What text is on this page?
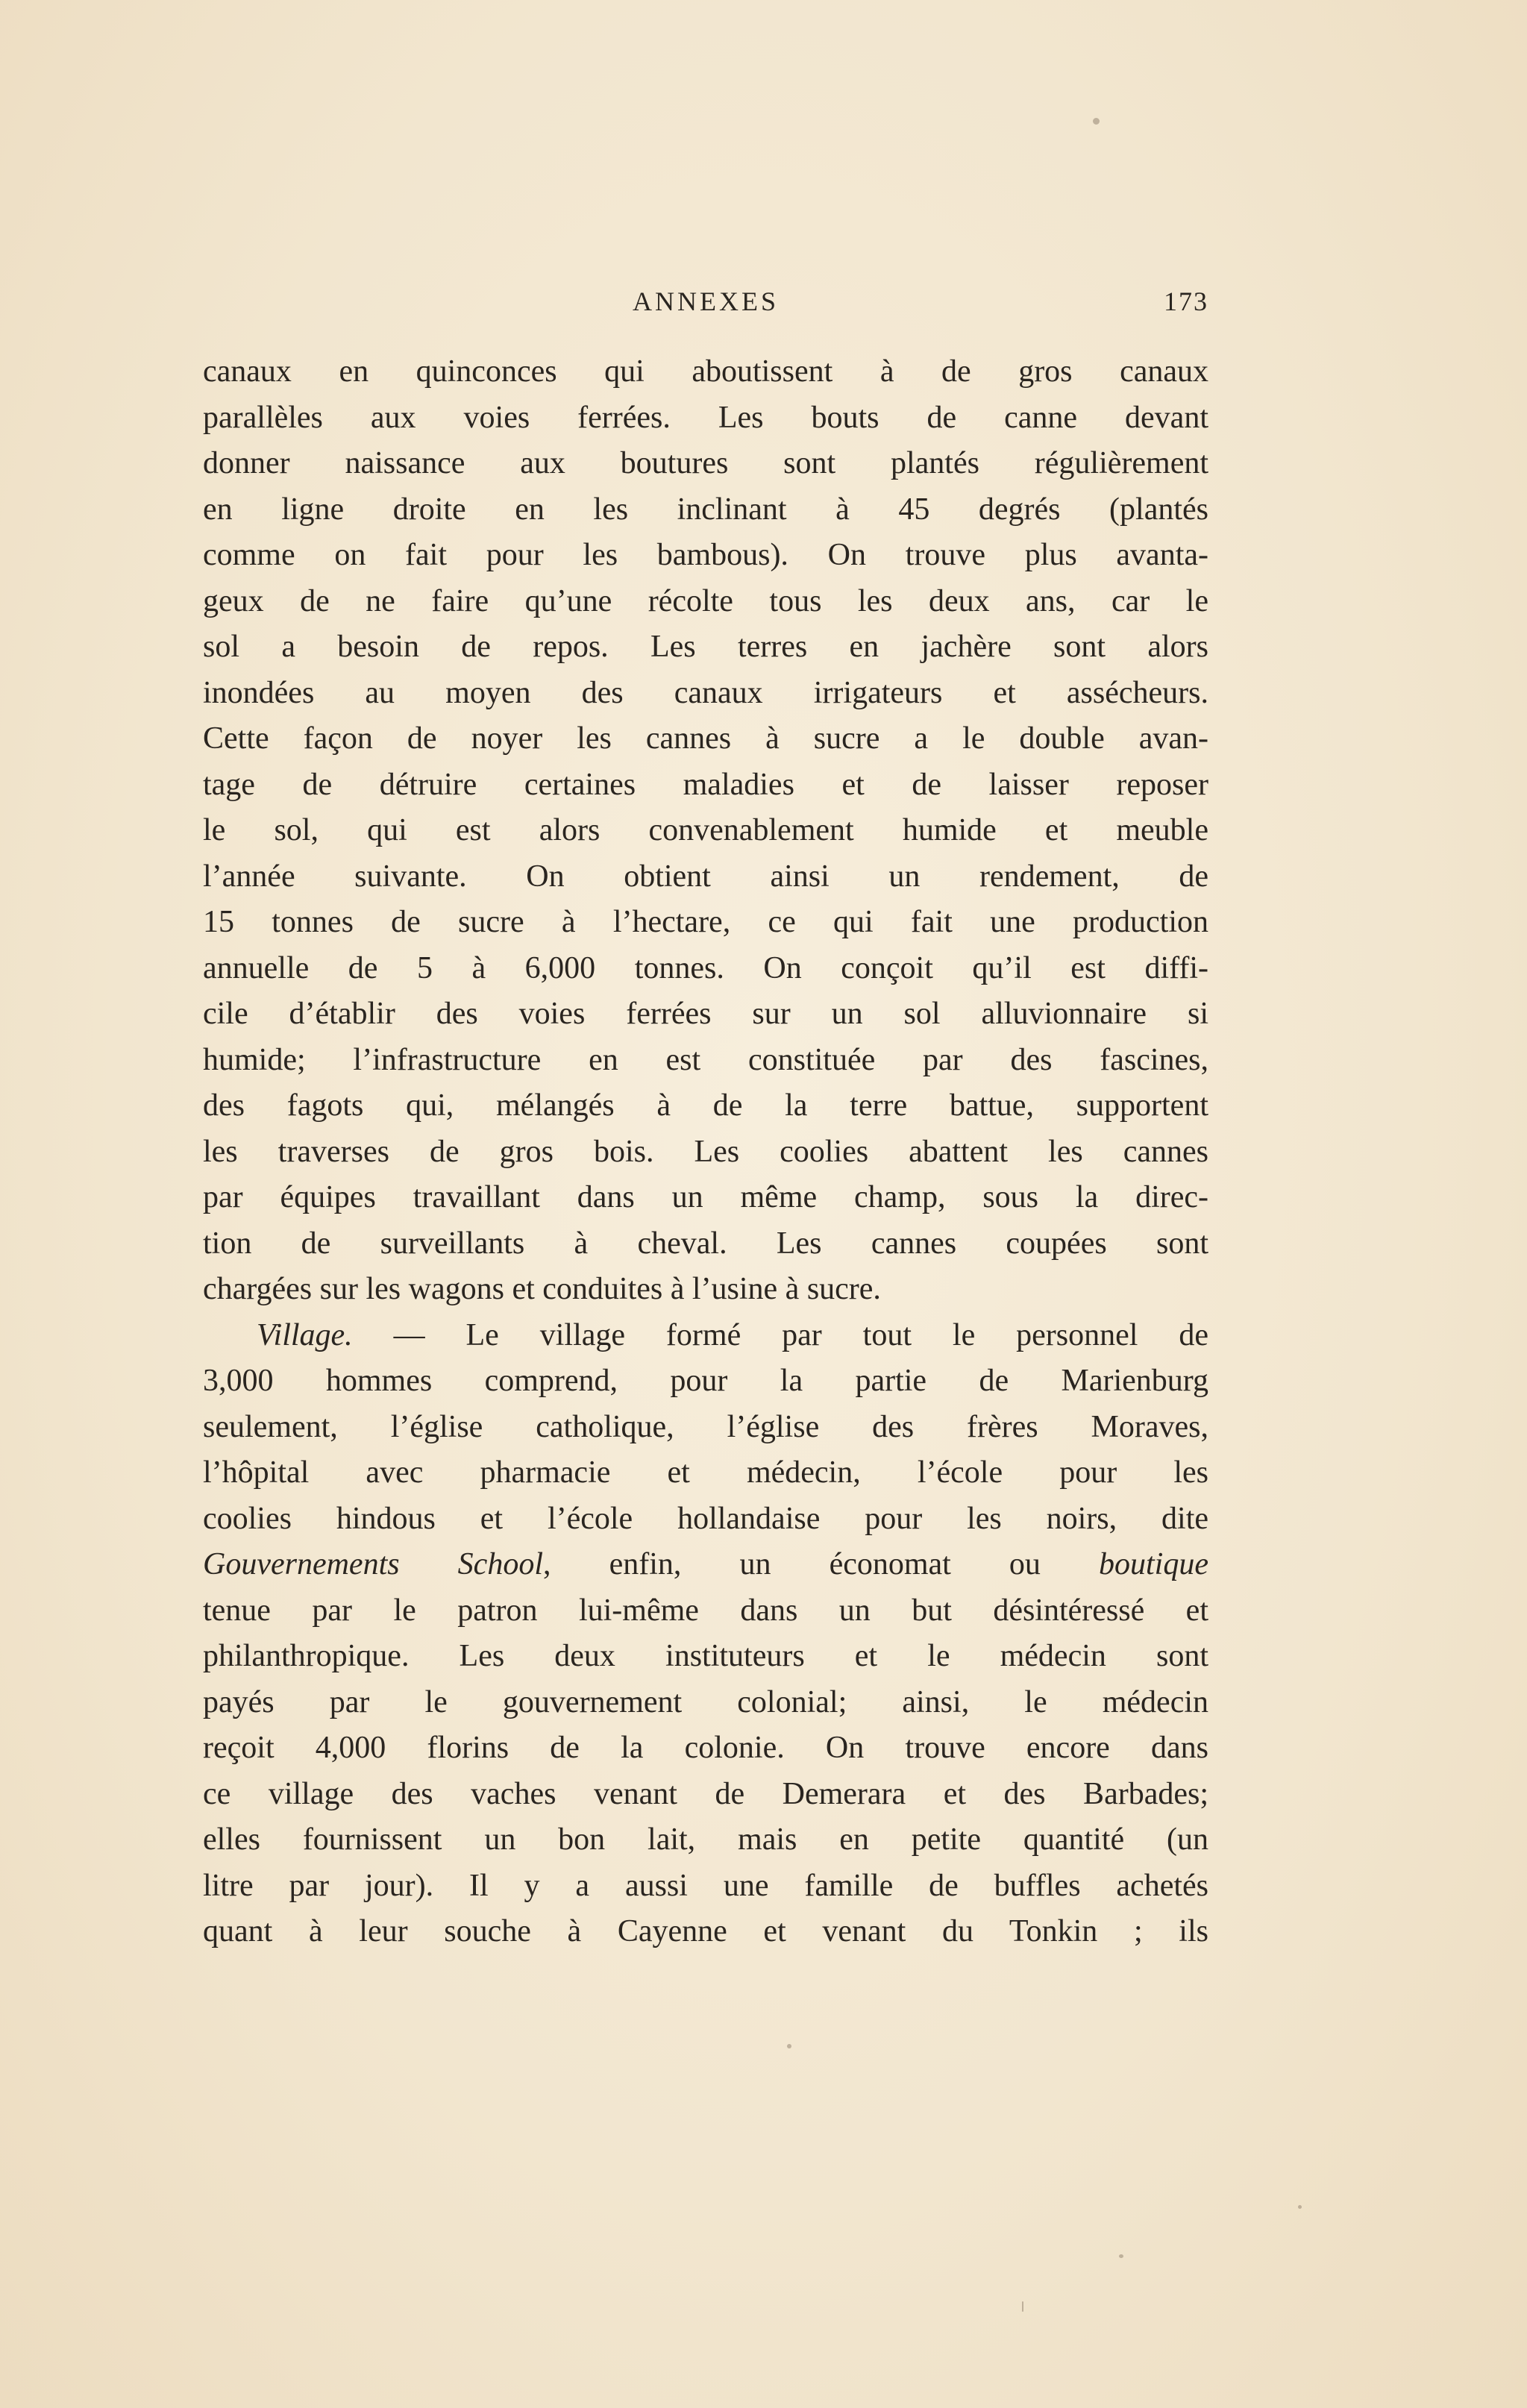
ANNEXES	173
canaux en quinconces qui aboutissent à de gros canaux
parallèles aux voies ferrées. Les bouts de canne devant
donner naissance aux boutures sont plantés régulièrement
en ligne droite en les inclinant à 45 degrés (plantés
comme on fait pour les bambous). On trouve plus avanta-
geux de ne faire qu’une récolte tous les deux ans, car le
sol a besoin de repos. Les terres en jachère sont alors
inondées au moyen des canaux irrigateurs et assécheurs.
Cette façon de noyer les cannes à sucre a le double avan-
tage de détruire certaines maladies et de laisser reposer
le sol, qui est alors convenablement humide et meuble
l’année suivante. On obtient ainsi un rendement, de
15 tonnes de sucre à l’hectare, ce qui fait une production
annuelle de 5 à 6,000 tonnes. On conçoit qu’il est diffi-
cile d’établir des voies ferrées sur un sol alluvionnaire si
humide; l’infrastructure en est constituée par des fascines,
des fagots qui, mélangés à de la terre battue, supportent
les traverses de gros bois. Les coolies abattent les cannes
par équipes travaillant dans un même champ, sous la direc-
tion de surveillants à cheval. Les cannes coupées sont
chargées sur les wagons et conduites à l’usine à sucre.
Village. — Le village formé par tout le personnel de
3,000 hommes comprend, pour la partie de Marienburg
seulement, l’église catholique, l’église des frères Moraves,
l’hôpital avec pharmacie et médecin, l’école pour les
coolies hindous et l’école hollandaise pour les noirs, dite
Gouvernements School, enfin, un économat ou boutique
tenue par le patron lui-même dans un but désintéressé et
philanthropique. Les deux instituteurs et le médecin sont
payés par le gouvernement colonial; ainsi, le médecin
reçoit 4,000 florins de la colonie. On trouve encore dans
ce village des vaches venant de Demerara et des Barbades;
elles fournissent un bon lait, mais en petite quantité (un
litre par jour). Il y a aussi une famille de buffles achetés
quant à leur souche à Cayenne et venant du Tonkin ; ils
